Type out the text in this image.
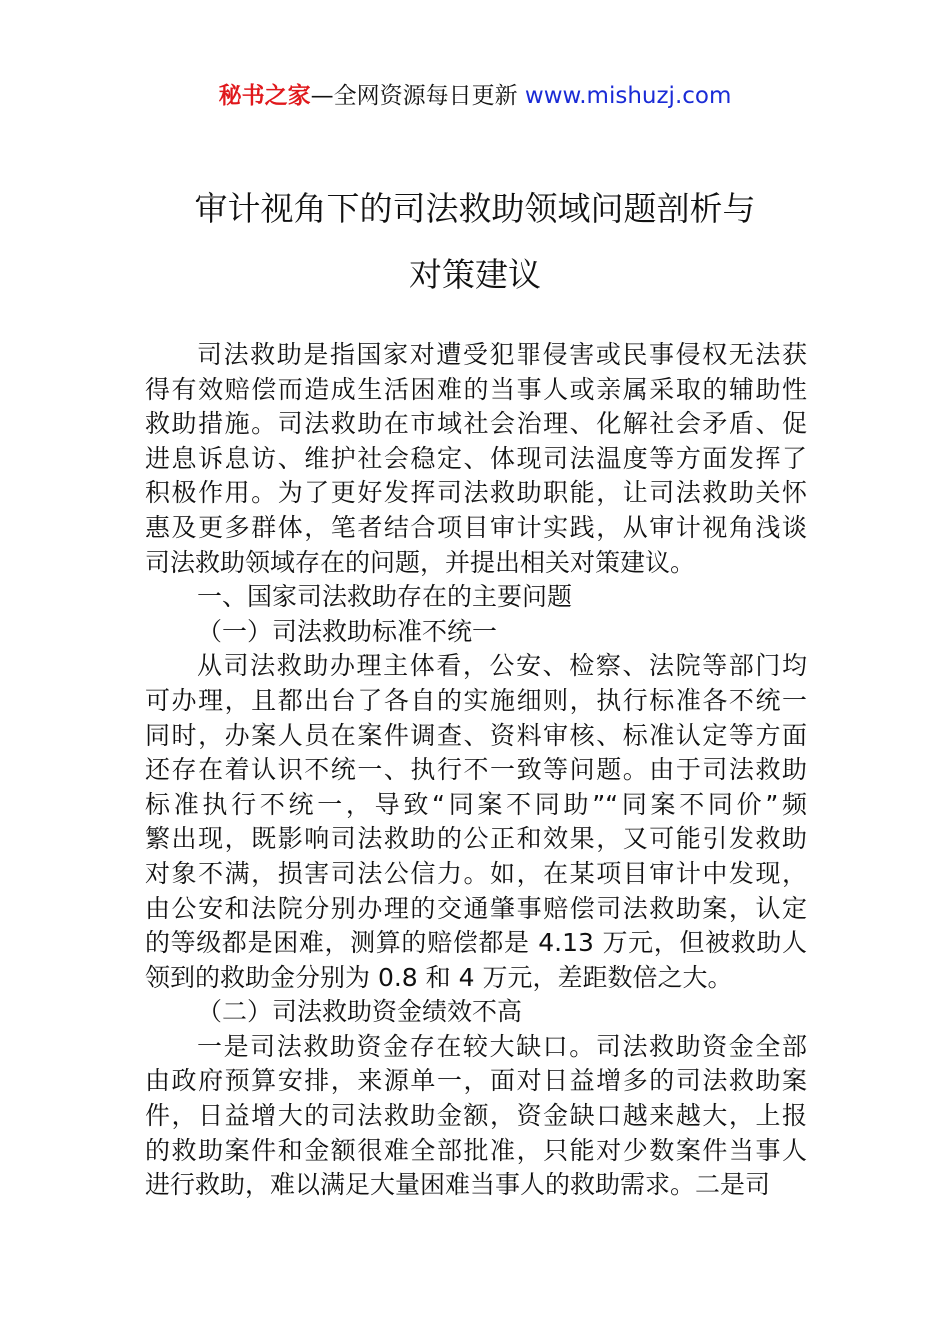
秘书之家—全网资源每日更新 www.mishuzj.com
审计视角下的司法救助领域问题剖析与
对策建议
司法救助是指国家对遭受犯罪侵害或民事侵权无法获
得有效赔偿而造成生活困难的当事人或亲属采取的辅助性
救助措施。司法救助在市域社会治理、化解社会矛盾、促
进息诉息访、维护社会稳定、体现司法温度等方面发挥了
积极作用。为了更好发挥司法救助职能，让司法救助关怀
惠及更多群体，笔者结合项目审计实践，从审计视角浅谈
司法救助领域存在的问题，并提出相关对策建议。
一、国家司法救助存在的主要问题
（一）司法救助标准不统一
从司法救助办理主体看，公安、检察、法院等部门均
可办理，且都出台了各自的实施细则，执行标准各不统一
同时，办案人员在案件调查、资料审核、标准认定等方面
还存在着认识不统一、执行不一致等问题。由于司法救助
标准执行不统一，导致“同案不同助”“同案不同价”频
繁出现，既影响司法救助的公正和效果，又可能引发救助
对象不满，损害司法公信力。如，在某项目审计中发现，
由公安和法院分别办理的交通肇事赔偿司法救助案，认定
的等级都是困难，测算的赔偿都是 4.13 万元，但被救助人
领到的救助金分别为 0.8 和 4 万元，差距数倍之大。
（二）司法救助资金绩效不高
一是司法救助资金存在较大缺口。司法救助资金全部
由政府预算安排，来源单一，面对日益增多的司法救助案
件，日益增大的司法救助金额，资金缺口越来越大，上报
的救助案件和金额很难全部批准，只能对少数案件当事人
进行救助，难以满足大量困难当事人的救助需求。二是司
